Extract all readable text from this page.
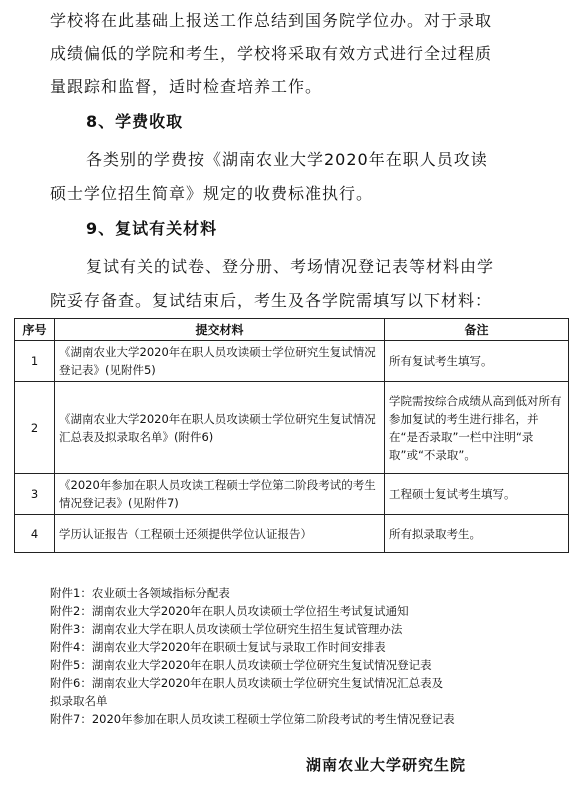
学校将在此基础上报送工作总结到国务院学位办。对于录取
成绩偏低的学院和考生，学校将采取有效方式进行全过程质
量跟踪和监督，适时检查培养工作。
8、学费收取
各类别的学费按《湖南农业大学2020年在职人员攻读
硕士学位招生简章》规定的收费标准执行。
9、复试有关材料
复试有关的试卷、登分册、考场情况登记表等材料由学
院妥存备查。复试结束后，考生及各学院需填写以下材料：
序号	提交材料	备注
1	《湖南农业大学2020年在职人员攻读硕士学位研究生复试情况登记表》(见附件5)	所有复试考生填写。
2	《湖南农业大学2020年在职人员攻读硕士学位研究生复试情况汇总表及拟录取名单》(附件6)	学院需按综合成绩从高到低对所有参加复试的考生进行排名，并在“是否录取”一栏中注明“录取”或“不录取”。
3	《2020年参加在职人员攻读工程硕士学位第二阶段考试的考生情况登记表》(见附件7)	工程硕士复试考生填写。
4	学历认证报告（工程硕士还须提供学位认证报告）	所有拟录取考生。
附件1：农业硕士各领域指标分配表
附件2：湖南农业大学2020年在职人员攻读硕士学位招生考试复试通知
附件3：湖南农业大学在职人员攻读硕士学位研究生招生复试管理办法
附件4：湖南农业大学2020年在职硕士复试与录取工作时间安排表
附件5：湖南农业大学2020年在职人员攻读硕士学位研究生复试情况登记表
附件6：湖南农业大学2020年在职人员攻读硕士学位研究生复试情况汇总表及
拟录取名单
附件7：2020年参加在职人员攻读工程硕士学位第二阶段考试的考生情况登记表
湖南农业大学研究生院
